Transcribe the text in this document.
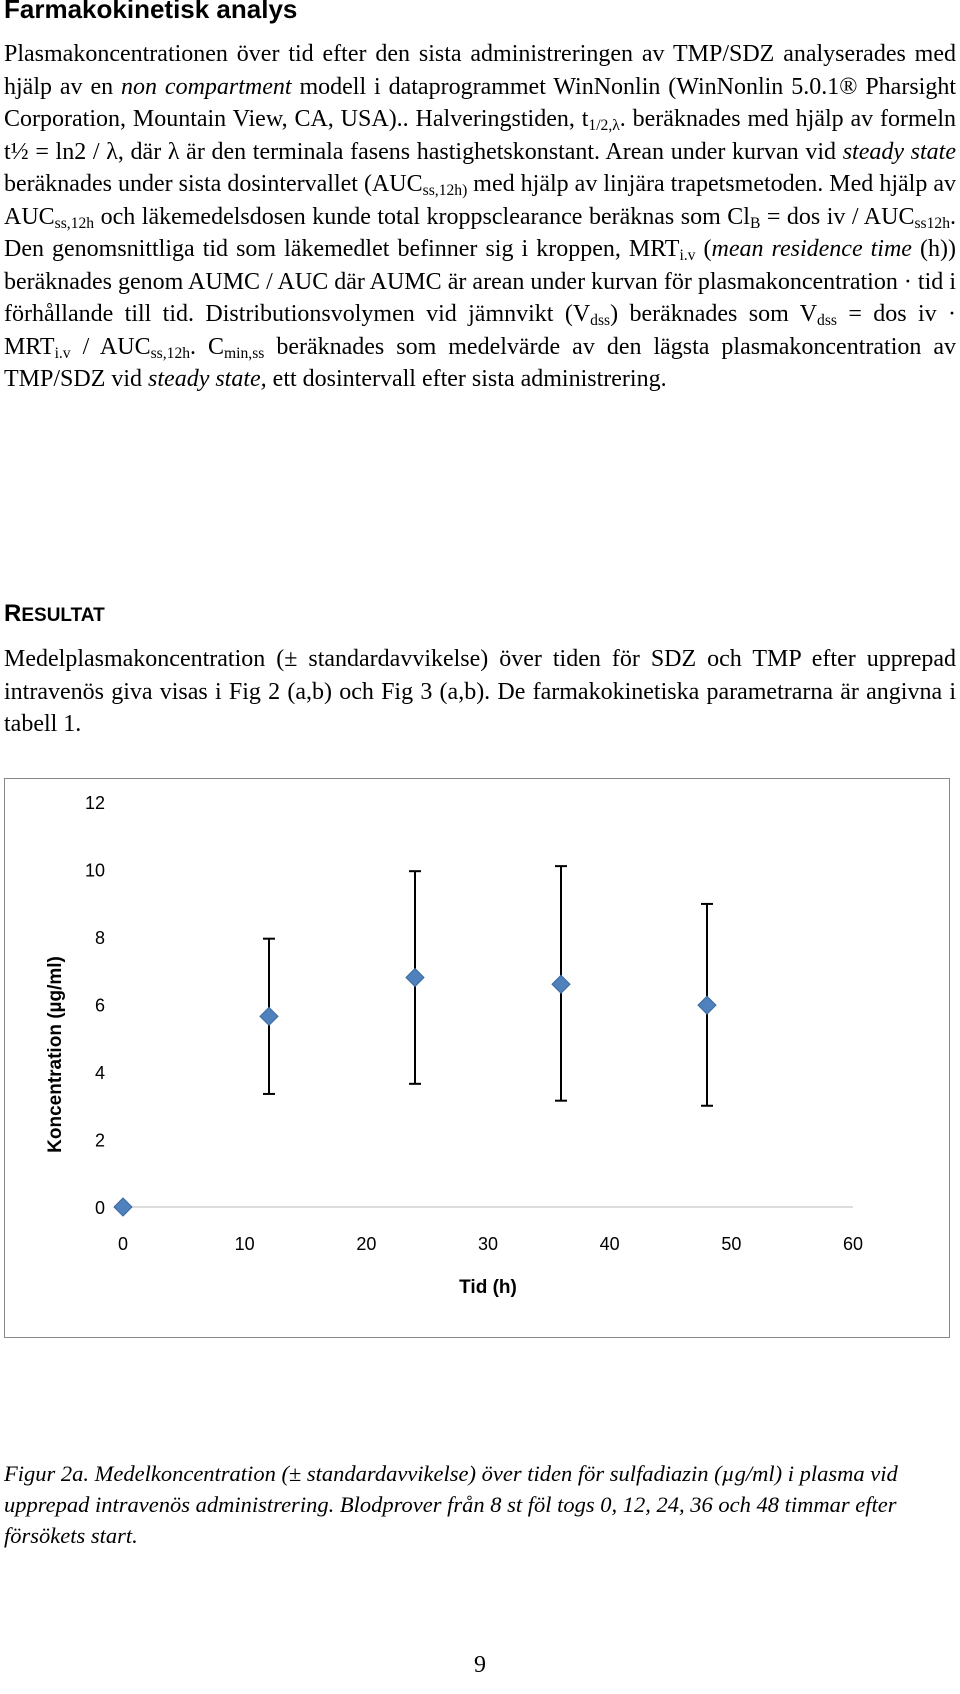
Farmakokinetisk analys
Plasmakoncentrationen över tid efter den sista administreringen av TMP/SDZ analyserades med hjälp av en non compartment modell i dataprogrammet WinNonlin (WinNonlin 5.0.1® Pharsight Corporation, Mountain View, CA, USA).. Halveringstiden, $t_{1/2,\lambda}$. beräknades med hjälp av formeln t½ = ln2 / λ, där λ är den terminala fasens hastighetskonstant. Arean under kurvan vid steady state beräknades under sista dosintervallet ($AUC_{ss,12h)}$ med hjälp av linjära trapetsmetoden. Med hjälp av $AUC_{ss,12h}$ och läkemedelsdosen kunde total kroppsclearance beräknas som $Cl_B$ = dos iv / $AUC_{ss12h}$. Den genomsnittliga tid som läkemedlet befinner sig i kroppen, $MRT_{i.v}$ (mean residence time (h)) beräknades genom AUMC / AUC där AUMC är arean under kurvan för plasmakoncentration · tid i förhållande till tid. Distributionsvolymen vid jämnvikt $(V_{dss})$ beräknades som $V_{dss}$ = dos iv · $MRT_{i.v} / AUC_{ss,12h}$. $C_{min,ss}$ beräknades som medelvärde av den lägsta plasmakoncentration av TMP/SDZ vid steady state, ett dosintervall efter sista administrering.
RESULTAT
Medelplasmakoncentration (± standardavvikelse) över tiden för SDZ och TMP efter upprepad intravenös giva visas i Fig 2 (a,b) och Fig 3 (a,b). De farmakokinetiska parametrarna är angivna i tabell 1.
0
2
4
6
8
10
12
0	10	20	30	40	50	60
Tid (h)
Koncentration (µg/ml)
Figur 2a. Medelkoncentration (± standardavvikelse) över tiden för sulfadiazin (µg/ml) i plasma vid upprepad intravenös administrering. Blodprover från 8 st föl togs 0, 12, 24, 36 och 48 timmar efter försökets start.
9
